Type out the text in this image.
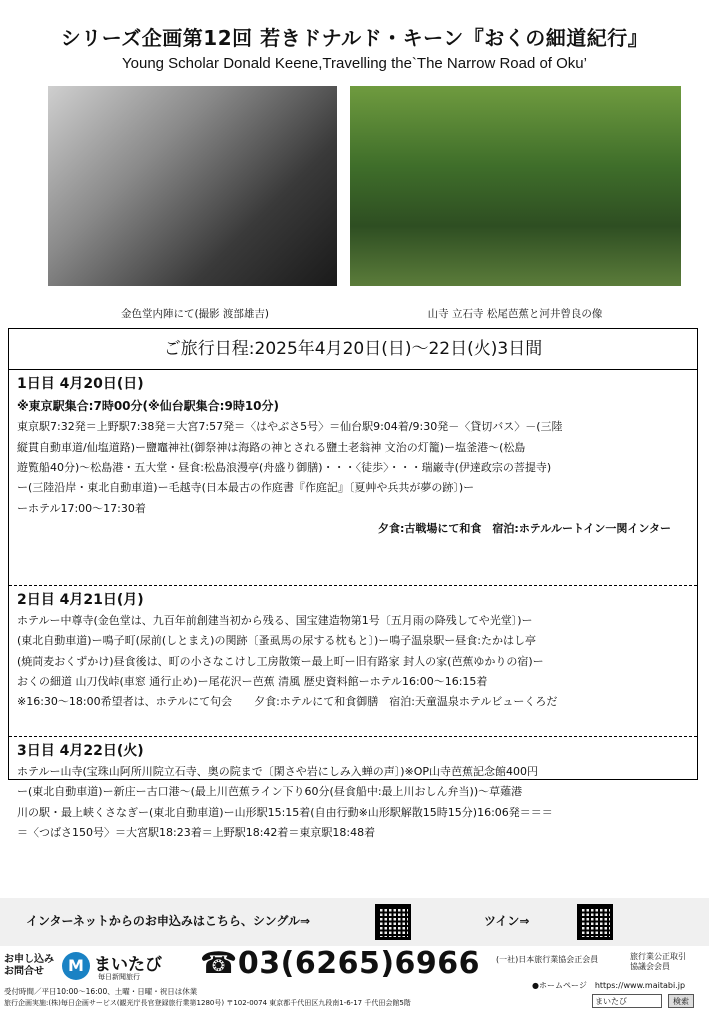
シリーズ企画第12回 若きドナルド・キーン『おくの細道紀行』
Young Scholar Donald Keene,Travelling the`The Narrow Road of Oku’
金色堂内陣にて(撮影 渡部雄吉)	山寺 立石寺 松尾芭蕉と河井曾良の像
ご旅行日程:2025年4月20日(日)〜22日(火)3日間
1日目 4月20日(日)
※東京駅集合:7時00分(※仙台駅集合:9時10分)
東京駅7:32発＝上野駅7:38発＝大宮7:57発＝〈はやぶさ5号〉＝仙台駅9:04着/9:30発－〈貸切バス〉－(三陸
縦貫自動車道/仙塩道路)ー鹽竈神社(御祭神は海路の神とされる鹽土老翁神 文治の灯籠)ー塩釜港〜(松島
遊覧船40分)〜松島港・五大堂・昼食:松島浪漫亭(舟盛り御膳)・・・〈徒歩〉・・・瑞巌寺(伊達政宗の菩提寺)
ー(三陸沿岸・東北自動車道)ー毛越寺(日本最古の作庭書『作庭記』〔夏艸や兵共が夢の跡〕)ー
ーホテル17:00〜17:30着
夕食:古戦場にて和食　宿泊:ホテルルートイン一関インター
2日目 4月21日(月)
ホテルー中尊寺(金色堂は、九百年前創建当初から残る、国宝建造物第1号〔五月雨の降残してや光堂〕)ー
(東北自動車道)ー鳴子町(尿前(しとまえ)の関跡〔蚤虱馬の尿する枕もと〕)ー鳴子温泉駅ー昼食:たかはし亭
(焼茼麦おくずかけ)昼食後は、町の小さなこけし工房散策ー最上町ー旧有路家 封人の家(芭蕉ゆかりの宿)ー
おくの細道 山刀伐峠(車窓 通行止め)ー尾花沢ー芭蕉 清風 歴史資料館ーホテル16:00〜16:15着
※16:30〜18:00希望者は、ホテルにて句会　　夕食:ホテルにて和食御膳　宿泊:天童温泉ホテルビューくろだ
3日目 4月22日(火)
ホテルー山寺(宝珠山阿所川院立石寺、奥の院まで〔閑さや岩にしみ入蝉の声〕)※OP山寺芭蕉記念館400円
ー(東北自動車道)ー新庄ー古口港〜(最上川芭蕉ライン下り60分(昼食船中:最上川おしん弁当))〜草薙港
川の駅・最上峡くさなぎー(東北自動車道)ー山形駅15:15着(自由行動※山形駅解散15時15分)16:06発＝＝＝
＝〈つばさ150号〉＝大宮駅18:23着＝上野駅18:42着＝東京駅18:48着
インターネットからのお申込みはこちら、シングル⇒	ツイン⇒
お申し込み
お問合せ	M まいたび
毎日新聞旅行 ☎03(6265)6966 (一社)日本旅行業協会正会員	旅行業公正取引
協議会会員
●ホームページ　https://www.maitabi.jp
受付時間／平日10:00〜16:00、土曜・日曜・祝日は休業
旅行企画実施:(株)毎日企画サービス(観光庁長官登録旅行業第1280号) 〒102-0074 東京都千代田区九段南1-6-17 千代田会館5階	まいたび	検索
